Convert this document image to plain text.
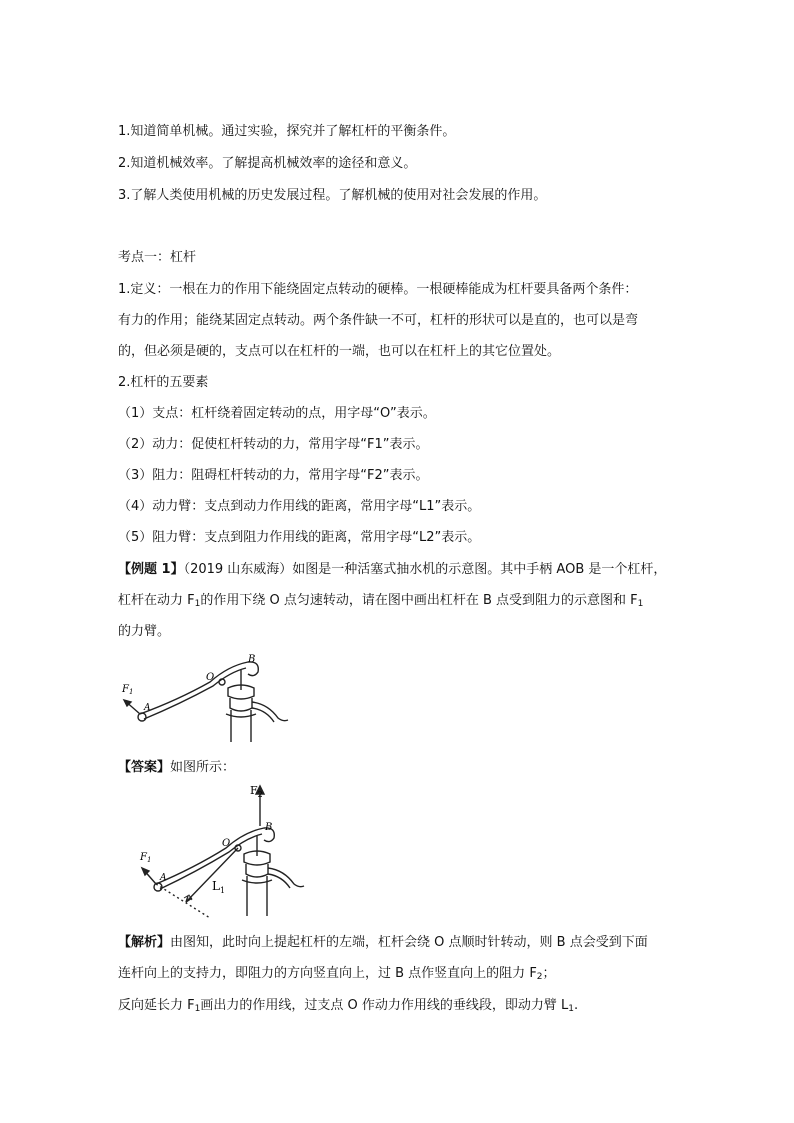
1.知道简单机械。通过实验，探究并了解杠杆的平衡条件。
2.知道机械效率。了解提高机械效率的途径和意义。
3.了解人类使用机械的历史发展过程。了解机械的使用对社会发展的作用。
考点一：杠杆
1.定义：一根在力的作用下能绕固定点转动的硬棒。一根硬棒能成为杠杆要具备两个条件：
有力的作用；能绕某固定点转动。两个条件缺一不可，杠杆的形状可以是直的，也可以是弯
的，但必须是硬的，支点可以在杠杆的一端，也可以在杠杆上的其它位置处。
2.杠杆的五要素
（1）支点：杠杆绕着固定转动的点，用字母“O”表示。
（2）动力：促使杠杆转动的力，常用字母“F1”表示。
（3）阻力：阻碍杠杆转动的力，常用字母“F2”表示。
（4）动力臂：支点到动力作用线的距离，常用字母“L1”表示。
（5）阻力臂：支点到阻力作用线的距离，常用字母“L2”表示。
【例题 1】（2019 山东威海）如图是一种活塞式抽水机的示意图。其中手柄 AOB 是一个杠杆，
杠杆在动力 $F_1$的作用下绕 O 点匀速转动，请在图中画出杠杆在 B 点受到阻力的示意图和 $F_1$
的力臂。
$F_1$
A
O
B
【答案】如图所示：
$F_2$
$F_1$
A
O
B
$L_1$
【解析】由图知，此时向上提起杠杆的左端，杠杆会绕 O 点顺时针转动，则 B 点会受到下面
连杆向上的支持力，即阻力的方向竖直向上，过 B 点作竖直向上的阻力 $F_2$；
反向延长力 $F_1$画出力的作用线，过支点 O 作动力作用线的垂线段，即动力臂 $L_1$.
